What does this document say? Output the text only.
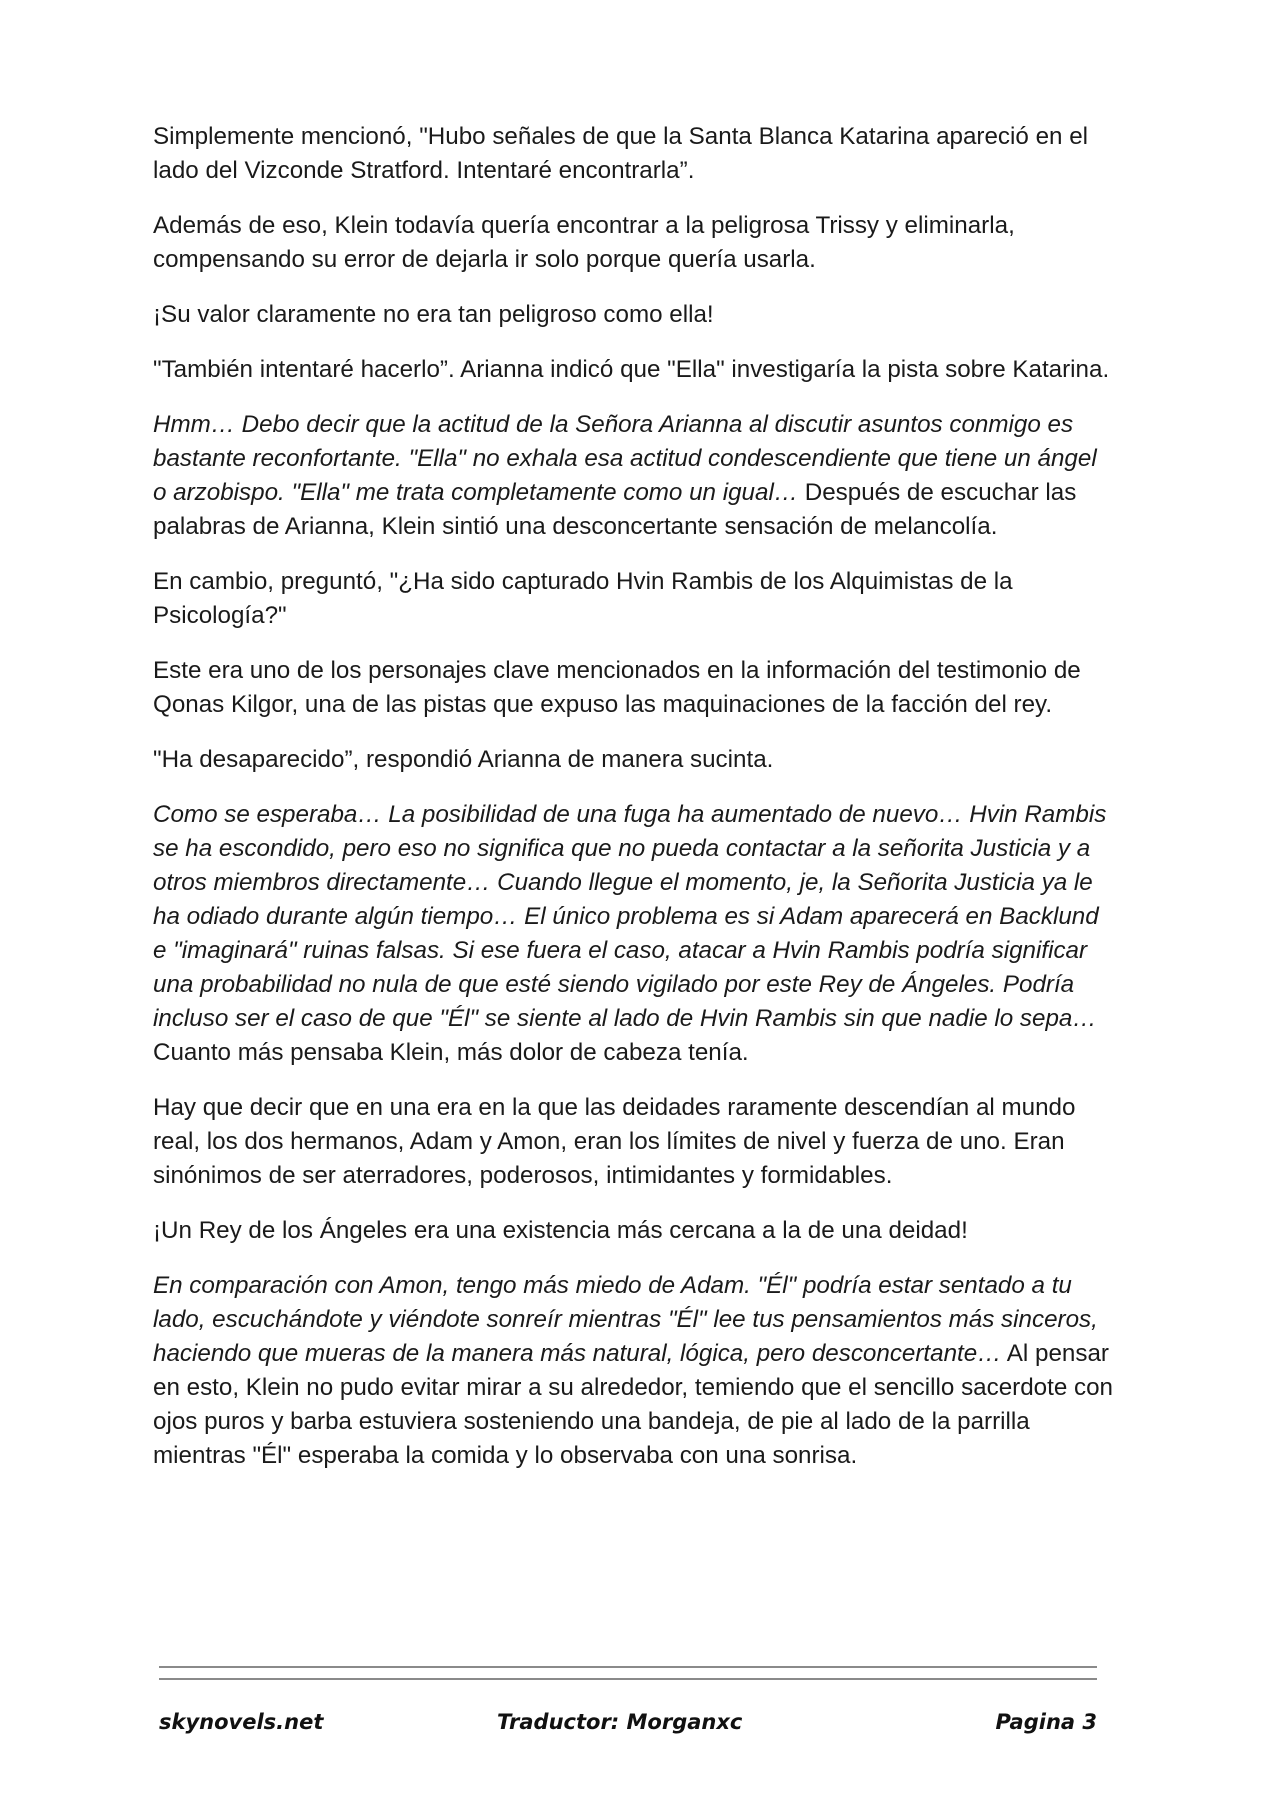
Simplemente mencionó, "Hubo señales de que la Santa Blanca Katarina apareció en el lado del Vizconde Stratford. Intentaré encontrarla”.

Además de eso, Klein todavía quería encontrar a la peligrosa Trissy y eliminarla, compensando su error de dejarla ir solo porque quería usarla.

¡Su valor claramente no era tan peligroso como ella!

"También intentaré hacerlo”. Arianna indicó que "Ella" investigaría la pista sobre Katarina.

Hmm… Debo decir que la actitud de la Señora Arianna al discutir asuntos conmigo es bastante reconfortante. "Ella" no exhala esa actitud condescendiente que tiene un ángel o arzobispo. "Ella" me trata completamente como un igual… Después de escuchar las palabras de Arianna, Klein sintió una desconcertante sensación de melancolía.

En cambio, preguntó, "¿Ha sido capturado Hvin Rambis de los Alquimistas de la Psicología?"

Este era uno de los personajes clave mencionados en la información del testimonio de Qonas Kilgor, una de las pistas que expuso las maquinaciones de la facción del rey.

"Ha desaparecido”, respondió Arianna de manera sucinta.

Como se esperaba… La posibilidad de una fuga ha aumentado de nuevo… Hvin Rambis se ha escondido, pero eso no significa que no pueda contactar a la señorita Justicia y a otros miembros directamente… Cuando llegue el momento, je, la Señorita Justicia ya le ha odiado durante algún tiempo… El único problema es si Adam aparecerá en Backlund e "imaginará" ruinas falsas. Si ese fuera el caso, atacar a Hvin Rambis podría significar una probabilidad no nula de que esté siendo vigilado por este Rey de Ángeles. Podría incluso ser el caso de que "Él" se siente al lado de Hvin Rambis sin que nadie lo sepa… Cuanto más pensaba Klein, más dolor de cabeza tenía.

Hay que decir que en una era en la que las deidades raramente descendían al mundo real, los dos hermanos, Adam y Amon, eran los límites de nivel y fuerza de uno. Eran sinónimos de ser aterradores, poderosos, intimidantes y formidables.

¡Un Rey de los Ángeles era una existencia más cercana a la de una deidad!

En comparación con Amon, tengo más miedo de Adam. "Él" podría estar sentado a tu lado, escuchándote y viéndote sonreír mientras "Él" lee tus pensamientos más sinceros, haciendo que mueras de la manera más natural, lógica, pero desconcertante… Al pensar en esto, Klein no pudo evitar mirar a su alrededor, temiendo que el sencillo sacerdote con ojos puros y barba estuviera sosteniendo una bandeja, de pie al lado de la parrilla mientras "Él" esperaba la comida y lo observaba con una sonrisa.

skynovels.net	Traductor: Morganxc	Pagina 3
